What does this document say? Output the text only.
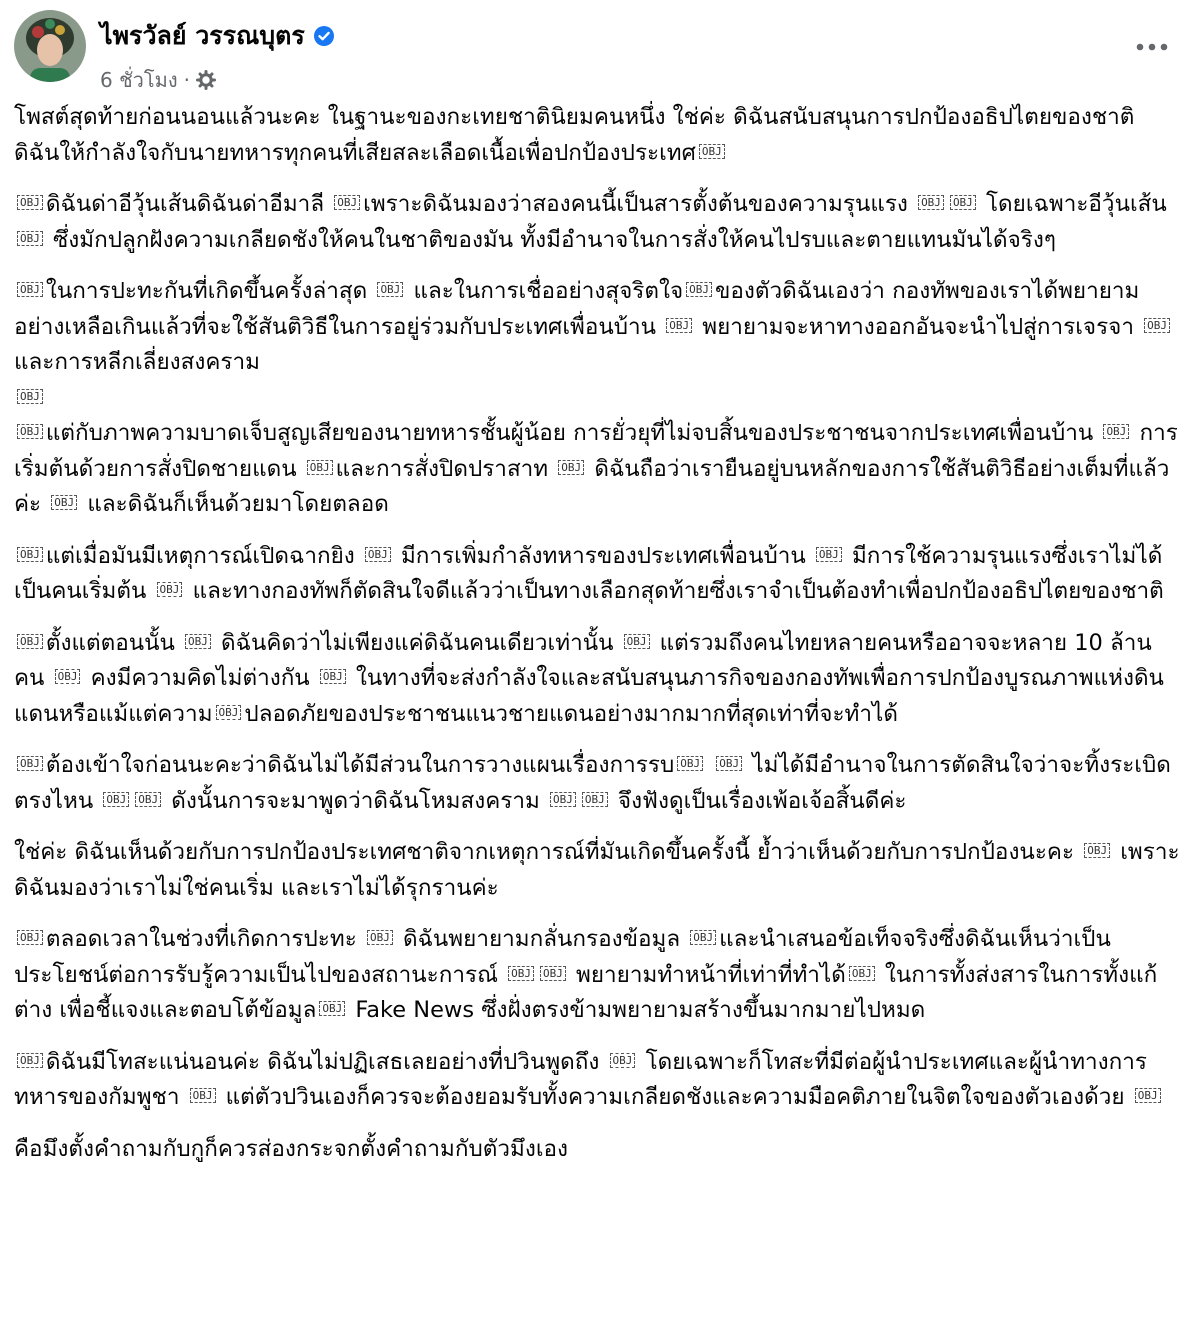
ไพรวัลย์ วรรณบุตร
6 ชั่วโมง ·

โพสต์สุดท้ายก่อนนอนแล้วนะคะ ในฐานะของกะเทยชาตินิยมคนหนึ่ง ใช่ค่ะ ดิฉันสนับสนุนการปกป้องอธิปไตยของชาติ ดิฉันให้กำลังใจกับนายทหารทุกคนที่เสียสละเลือดเนื้อเพื่อปกป้องประเทศ OBJ

OBJ ดิฉันด่าอีวุ้นเส้นดิฉันด่าอีมาลี OBJ เพราะดิฉันมองว่าสองคนนี้เป็นสารตั้งต้นของความรุนแรง OBJ OBJ โดยเฉพาะอีวุ้นเส้นOBJ ซึ่งมักปลูกฝังความเกลียดชังให้คนในชาติของมัน ทั้งมีอำนาจในการสั่งให้คนไปรบและตายแทนมันได้จริงๆ

OBJ ในการปะทะกันที่เกิดขึ้นครั้งล่าสุด OBJ และในการเชื่ออย่างสุจริตใจ OBJ ของตัวดิฉันเองว่า กองทัพของเราได้พยายามอย่างเหลือเกินแล้วที่จะใช้สันติวิธีในการอยู่ร่วมกับประเทศเพื่อนบ้าน OBJ พยายามจะหาทางออกอันจะนำไปสู่การเจรจา OBJ และการหลีกเลี่ยงสงคราม

OBJ

OBJ แต่กับภาพความบาดเจ็บสูญเสียของนายทหารชั้นผู้น้อย การยั่วยุที่ไม่จบสิ้นของประชาชนจากประเทศเพื่อนบ้าน OBJ การเริ่มต้นด้วยการสั่งปิดชายแดน OBJ และการสั่งปิดปราสาท OBJ ดิฉันถือว่าเรายืนอยู่บนหลักของการใช้สันติวิธีอย่างเต็มที่แล้วค่ะ OBJ และดิฉันก็เห็นด้วยมาโดยตลอด

OBJ แต่เมื่อมันมีเหตุการณ์เปิดฉากยิง OBJ มีการเพิ่มกำลังทหารของประเทศเพื่อนบ้าน OBJ มีการใช้ความรุนแรงซึ่งเราไม่ได้เป็นคนเริ่มต้น OBJ และทางกองทัพก็ตัดสินใจดีแล้วว่าเป็นทางเลือกสุดท้ายซึ่งเราจำเป็นต้องทำเพื่อปกป้องอธิปไตยของชาติ

OBJ ตั้งแต่ตอนนั้น OBJ ดิฉันคิดว่าไม่เพียงแค่ดิฉันคนเดียวเท่านั้น OBJ แต่รวมถึงคนไทยหลายคนหรืออาจจะหลาย 10 ล้านคน OBJ คงมีความคิดไม่ต่างกัน OBJ ในทางที่จะส่งกำลังใจและสนับสนุนภารกิจของกองทัพเพื่อการปกป้องบูรณภาพแห่งดินแดนหรือแม้แต่ความ OBJ ปลอดภัยของประชาชนแนวชายแดนอย่างมากมากที่สุดเท่าที่จะทำได้

OBJ ต้องเข้าใจก่อนนะคะว่าดิฉันไม่ได้มีส่วนในการวางแผนเรื่องการรบ OBJ OBJ ไม่ได้มีอำนาจในการตัดสินใจว่าจะทิ้งระเบิดตรงไหน OBJ OBJ ดังนั้นการจะมาพูดว่าดิฉันโหมสงคราม OBJ OBJ จึงฟังดูเป็นเรื่องเพ้อเจ้อสิ้นดีค่ะ

ใช่ค่ะ ดิฉันเห็นด้วยกับการปกป้องประเทศชาติจากเหตุการณ์ที่มันเกิดขึ้นครั้งนี้ ย้ำว่าเห็นด้วยกับการปกป้องนะคะ OBJ เพราะดิฉันมองว่าเราไม่ใช่คนเริ่ม และเราไม่ได้รุกรานค่ะ

OBJ ตลอดเวลาในช่วงที่เกิดการปะทะ OBJ ดิฉันพยายามกลั่นกรองข้อมูล OBJ และนำเสนอข้อเท็จจริงซึ่งดิฉันเห็นว่าเป็นประโยชน์ต่อการรับรู้ความเป็นไปของสถานะการณ์ OBJ OBJ พยายามทำหน้าที่เท่าที่ทำได้ OBJ ในการทั้งส่งสารในการทั้งแก้ต่าง เพื่อชี้แจงและตอบโต้ข้อมูล OBJ Fake News ซึ่งฝั่งตรงข้ามพยายามสร้างขึ้นมากมายไปหมด

OBJ ดิฉันมีโทสะแน่นอนค่ะ ดิฉันไม่ปฏิเสธเลยอย่างที่ปวินพูดถึง OBJ โดยเฉพาะก็โทสะที่มีต่อผู้นำประเทศและผู้นำทางการทหารของกัมพูชา OBJ แต่ตัวปวินเองก็ควรจะต้องยอมรับทั้งความเกลียดชังและความมือคติภายในจิตใจของตัวเองด้วย OBJ

คือมึงตั้งคำถามกับกูก็ควรส่องกระจกตั้งคำถามกับตัวมึงเอง
